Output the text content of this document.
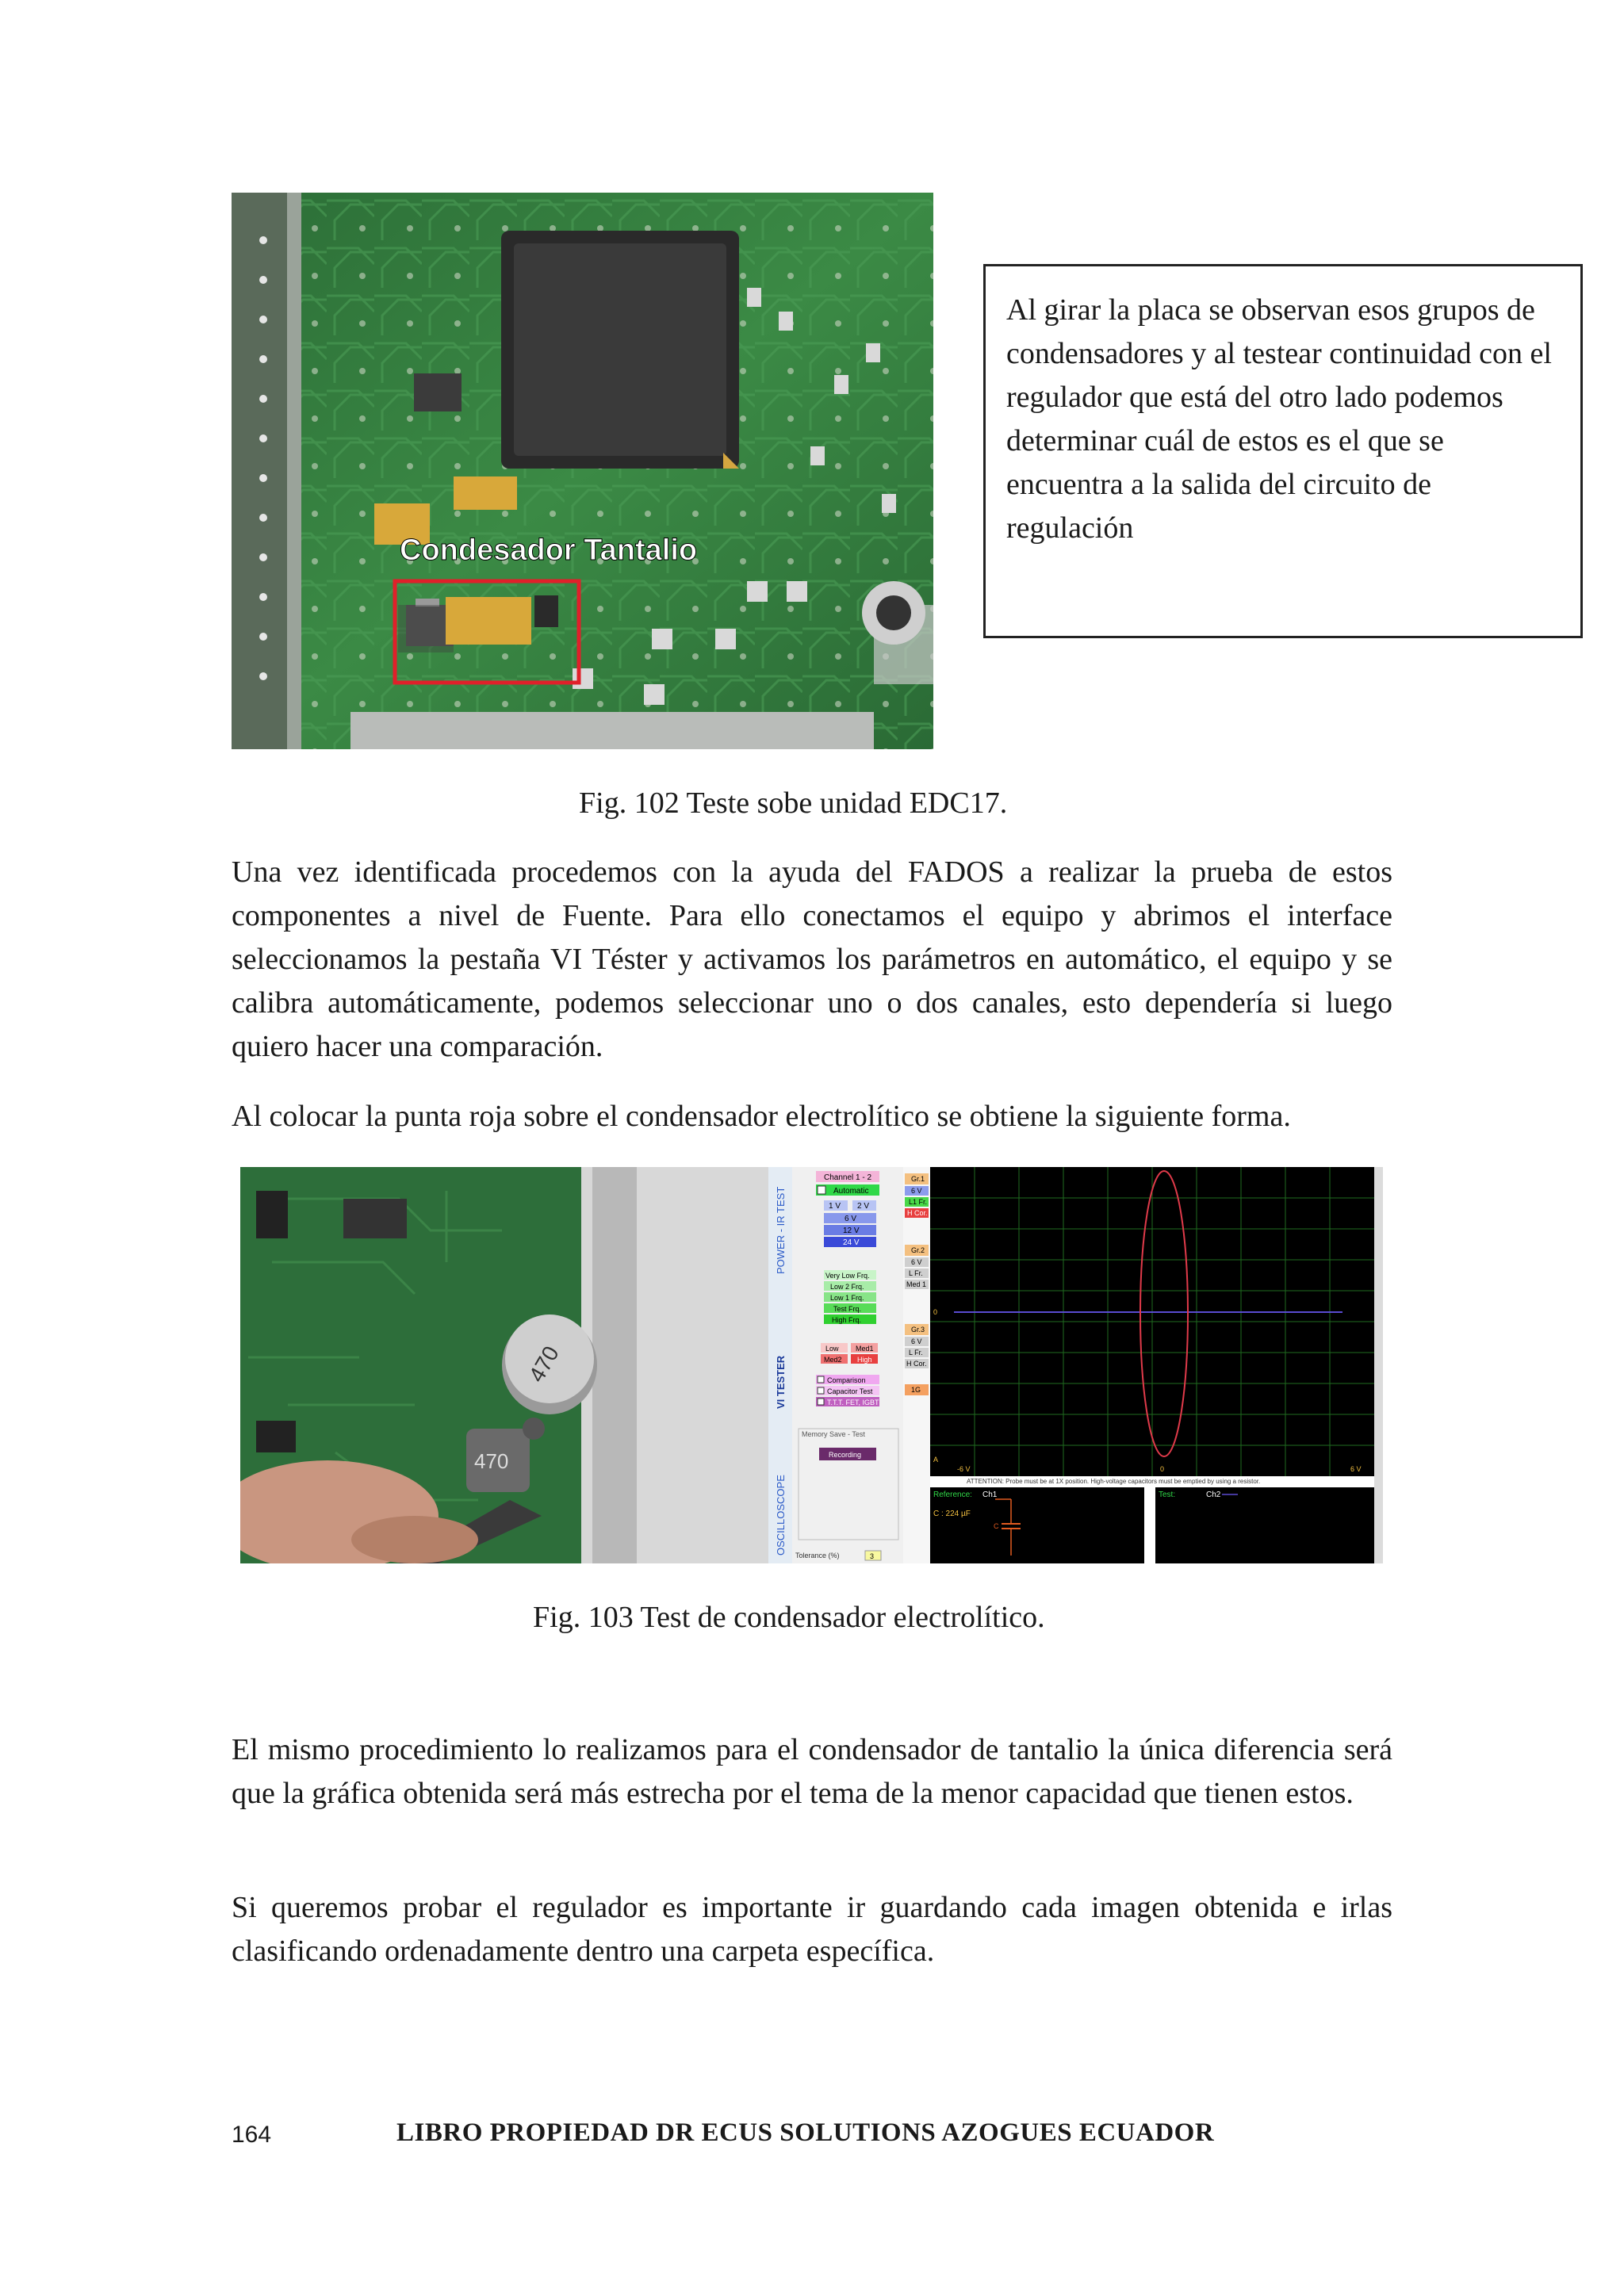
Condesador Tantalio
Al girar la placa se observan esos grupos de condensadores y al testear continuidad con el regulador que está del otro lado podemos determinar cuál de estos es el que se encuentra a la salida del circuito de regulación
Fig. 102 Teste sobe unidad EDC17.

Una vez identificada procedemos con la ayuda del FADOS a realizar la prueba de estos componentes a nivel de Fuente. Para ello conectamos el equipo y abrimos el interface seleccionamos la pestaña VI Téster y activamos los parámetros en automático, el equipo y se calibra automáticamente, podemos seleccionar uno o dos canales, esto dependería si luego quiero hacer una comparación.

Al colocar la punta roja sobre el condensador electrolítico se obtiene la siguiente forma.

470
470
POWER - IR TEST
VI TESTER
OSCILLOSCOPE
Channel 1 - 2
Automatic
1 V 2 V
6 V
12 V
24 V
Very Low Frq.
Low 2 Frq.
Low 1 Frq.
Test Frq.
High Frq.
Low Med1
Med2 High
Comparison
Capacitor Test
T.T.T. FET, IGBT
Memory Save - Test
Recording
Tolerance (%)	3
Gr.1
6 V
L1 Fr.
H Cor.
Gr.2
6 V
L Fr.
Med 1
Gr.3
6 V
L Fr.
H Cor.
1G
0
A
-6 V	0	6 V
ATTENTION: Probe must be at 1X position. High-voltage capacitors must be emptied by using a resistor.
Reference: Ch1
C
C : 224 µF
Test:	Ch2
Fig. 103 Test de condensador electrolítico.

El mismo procedimiento lo realizamos para el condensador de tantalio la única diferencia será que la gráfica obtenida será más estrecha por el tema de la menor capacidad que tienen estos.

Si queremos probar el regulador es importante ir guardando cada imagen obtenida e irlas clasificando ordenadamente dentro una carpeta específica.

164	LIBRO PROPIEDAD DR ECUS SOLUTIONS AZOGUES ECUADOR
